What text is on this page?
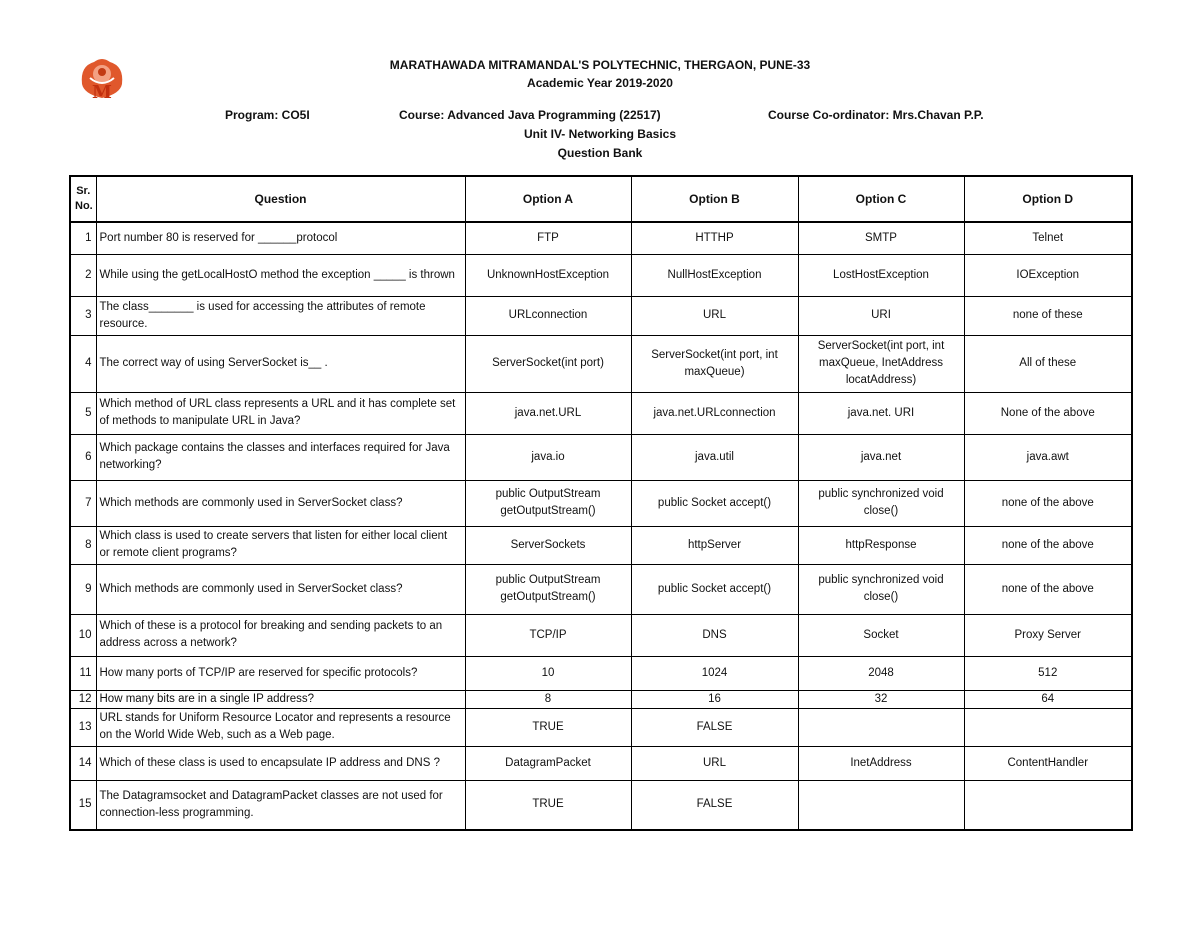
M
MARATHAWADA MITRAMANDAL'S POLYTECHNIC, THERGAON, PUNE-33
Academic Year 2019-2020
Program: CO5I	Course: Advanced Java Programming (22517)	Course Co-ordinator: Mrs.Chavan P.P.
Unit IV- Networking Basics
Question Bank
Sr. No.	Question	Option A	Option B	Option C	Option D
1	Port number 80 is reserved for ______protocol	FTP	HTTHP	SMTP	Telnet
2	While using the getLocalHostO method the exception _____ is thrown	UnknownHostException	NullHostException	LostHostException	IOException
3	The class_______ is used for accessing the attributes of remote resource.	URLconnection	URL	URI	none of these
4	The correct way of using ServerSocket is__ .	ServerSocket(int port)	ServerSocket(int port, int maxQueue)	ServerSocket(int port, int maxQueue, InetAddress locatAddress)	All of these
5	Which method of URL class represents a URL and it has complete set of methods to manipulate URL in Java?	java.net.URL	java.net.URLconnection	java.net. URI	None of the above
6	Which package contains the classes and interfaces required for Java networking?	java.io	java.util	java.net	java.awt
7	Which methods are commonly used in ServerSocket class?	public OutputStream getOutputStream()	public Socket accept()	public synchronized void close()	none of the above
8	Which class is used to create servers that listen for either local client or remote client programs?	ServerSockets	httpServer	httpResponse	none of the above
9	Which methods are commonly used in ServerSocket class?	public OutputStream getOutputStream()	public Socket accept()	public synchronized void close()	none of the above
10	Which of these is a protocol for breaking and sending packets to an address across a network?	TCP/IP	DNS	Socket	Proxy Server
11	How many ports of TCP/IP are reserved for specific protocols?	10	1024	2048	512
12	How many bits are in a single IP address?	8	16	32	64
13	URL stands for Uniform Resource Locator and represents a resource on the World Wide Web, such as a Web page.	TRUE	FALSE		
14	Which of these class is used to encapsulate IP address and DNS ?	DatagramPacket	URL	InetAddress	ContentHandler
15	The Datagramsocket and DatagramPacket classes are not used for connection-less programming.	TRUE	FALSE		
